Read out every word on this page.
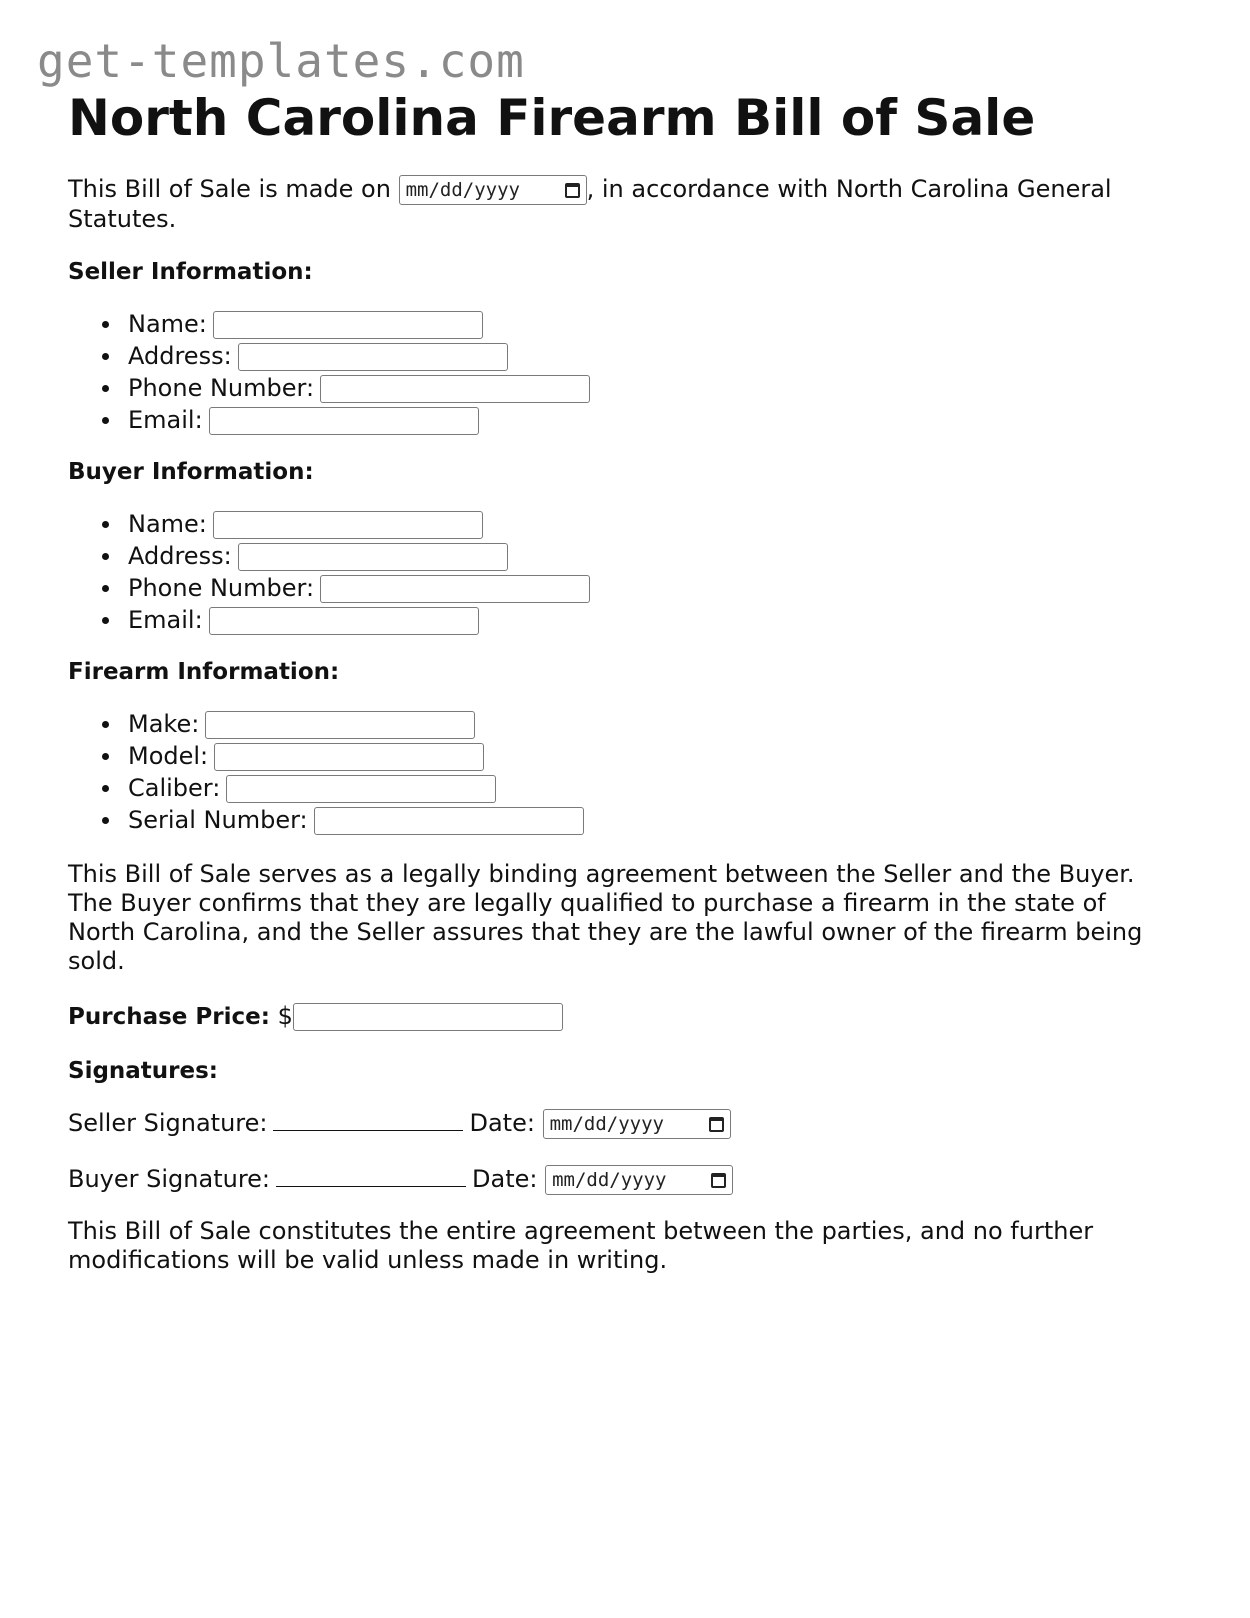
get-templates.com
North Carolina Firearm Bill of Sale

This Bill of Sale is made on mm/dd/yyyy	, in accordance with North Carolina General Statutes.

Seller Information:
Name:
Address:
Phone Number:
Email:
Buyer Information:
Name:
Address:
Phone Number:
Email:
Firearm Information:
Make:
Model:
Caliber:
Serial Number:

This Bill of Sale serves as a legally binding agreement between the Seller and the Buyer. The Buyer confirms that they are legally qualified to purchase a firearm in the state of North Carolina, and the Seller assures that they are the lawful owner of the firearm being sold.

Purchase Price: $
Signatures:
Seller Signature:	Date: mm/dd/yyyy
Buyer Signature:	Date: mm/dd/yyyy

This Bill of Sale constitutes the entire agreement between the parties, and no further modifications will be valid unless made in writing.
